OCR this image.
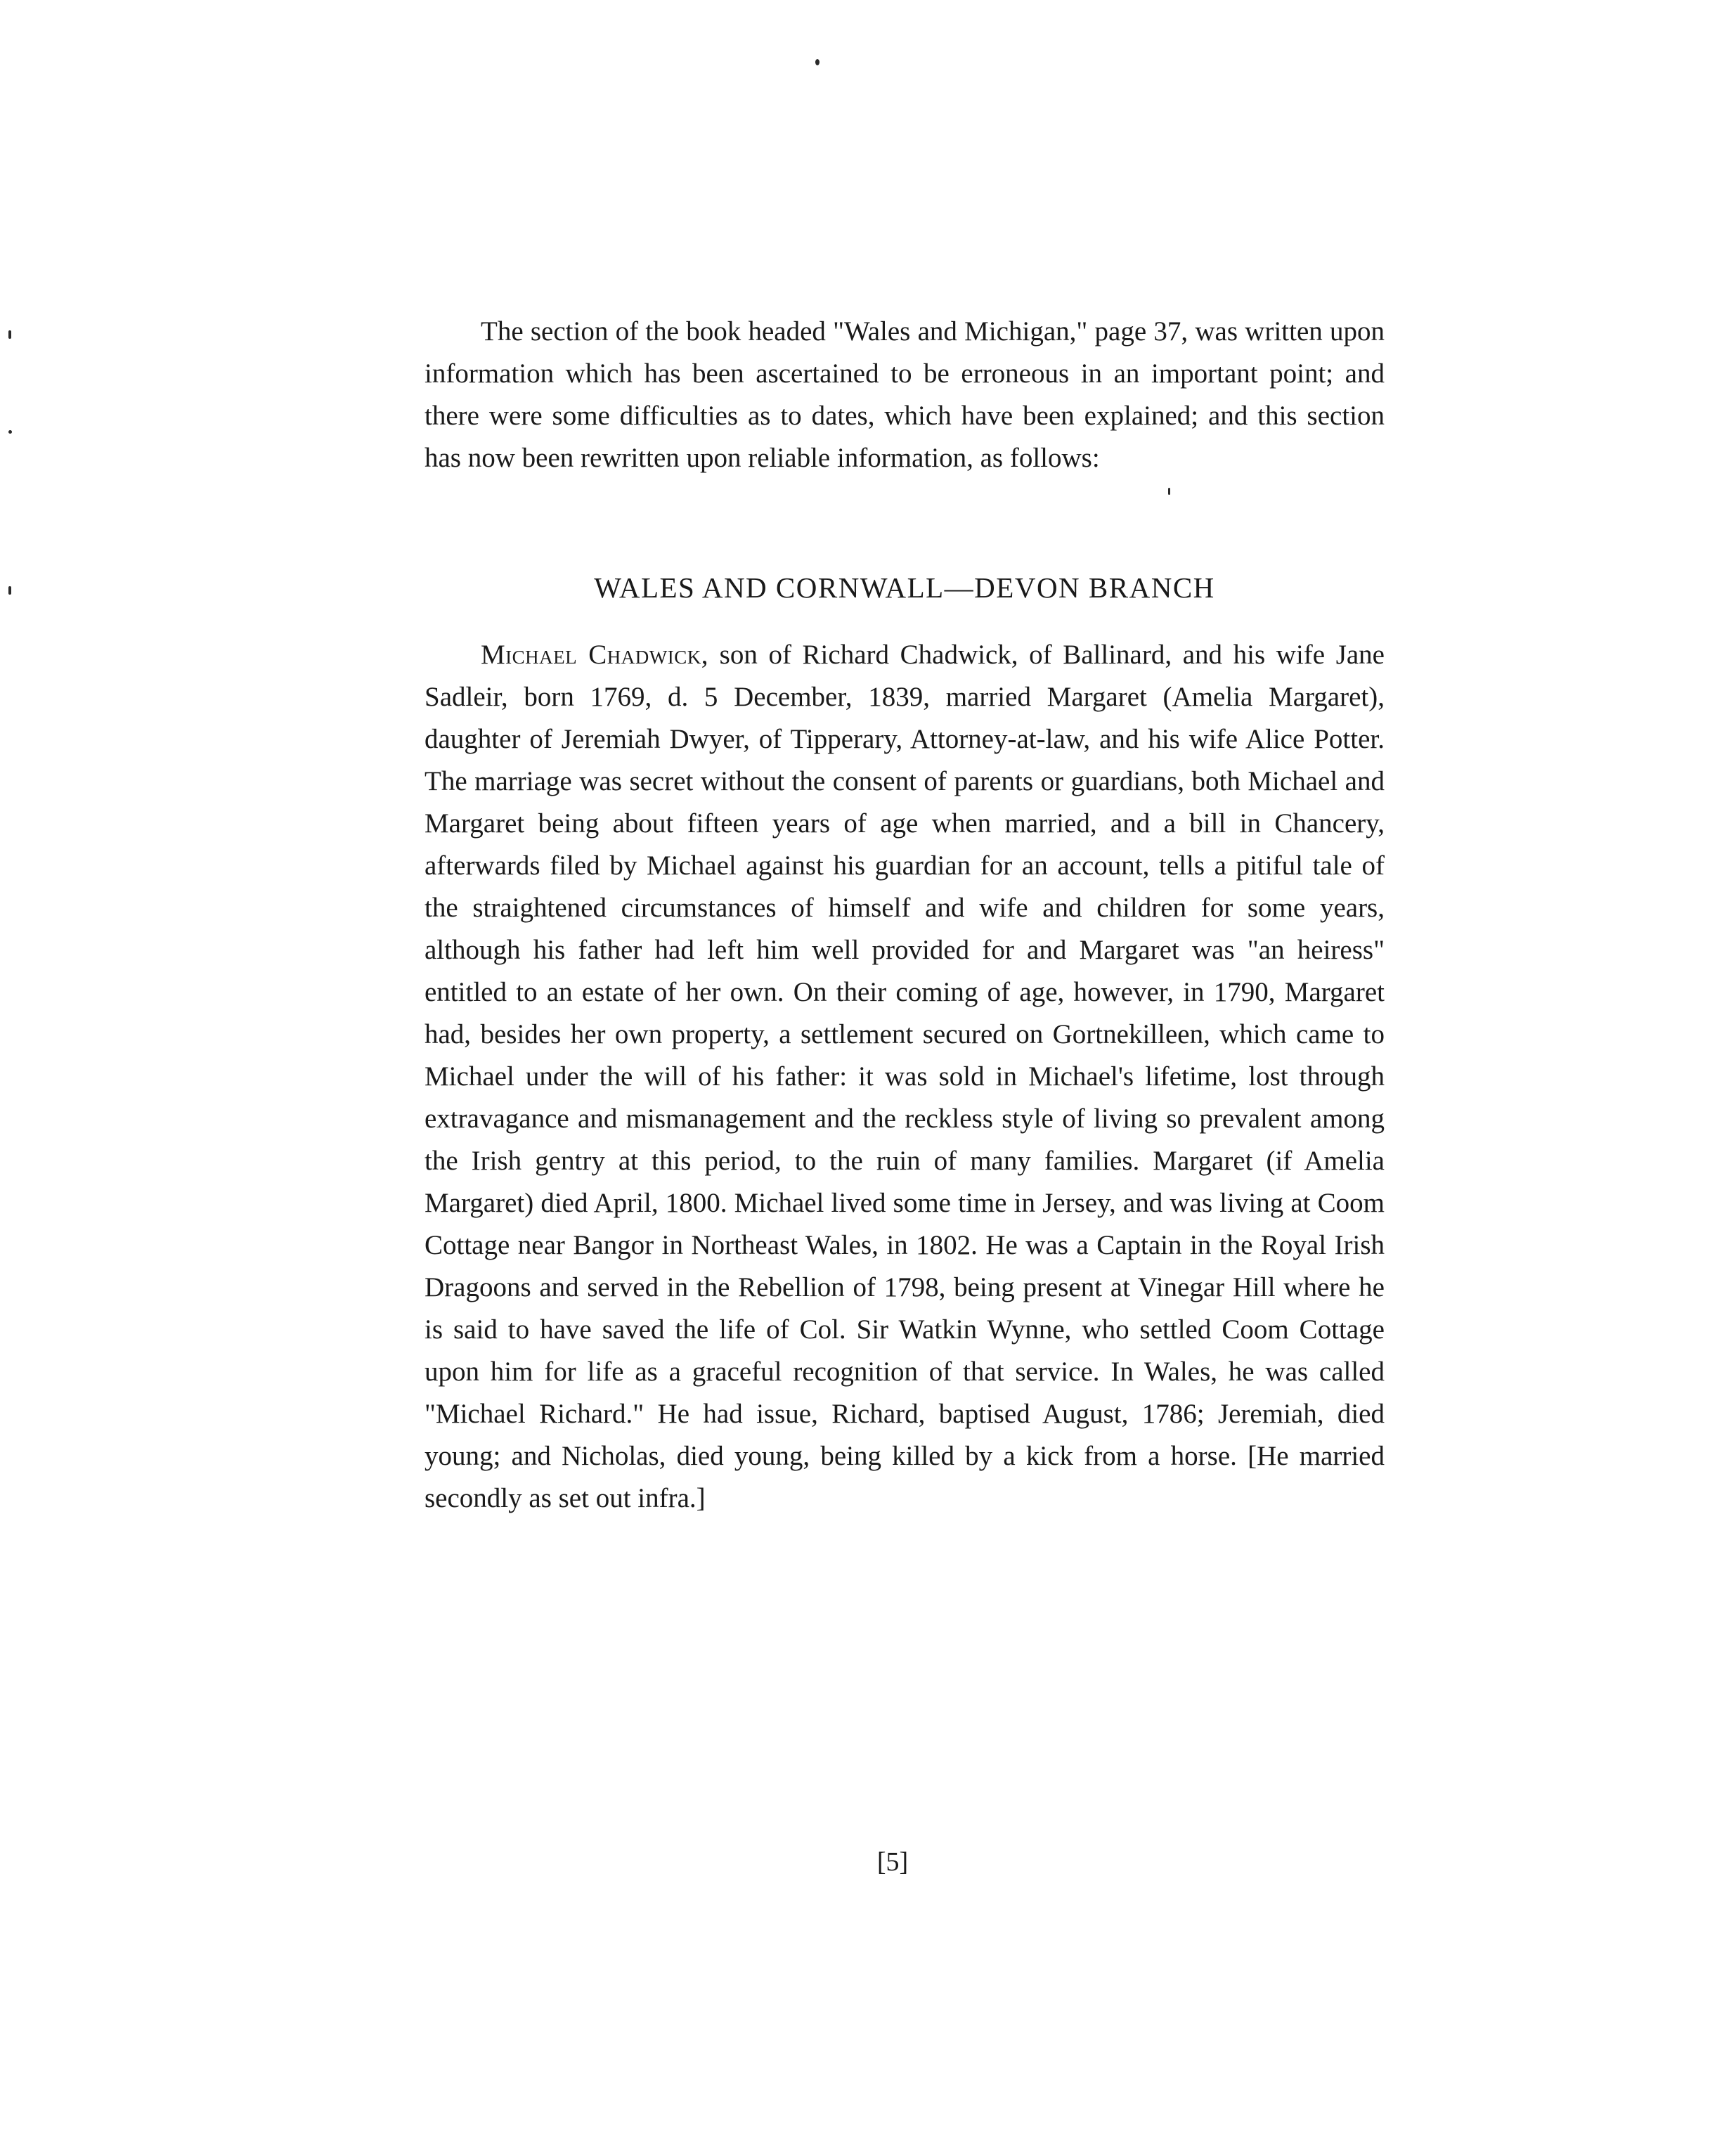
The section of the book headed "Wales and Michigan," page 37, was written upon information which has been ascertained to be erroneous in an important point; and there were some difficulties as to dates, which have been explained; and this section has now been rewritten upon reliable information, as follows:

WALES AND CORNWALL—DEVON BRANCH

Michael Chadwick, son of Richard Chadwick, of Ballinard, and his wife Jane Sadleir, born 1769, d. 5 December, 1839, married Margaret (Amelia Margaret), daughter of Jeremiah Dwyer, of Tipperary, Attorney-at-law, and his wife Alice Potter. The marriage was secret without the consent of parents or guardians, both Michael and Margaret being about fifteen years of age when married, and a bill in Chancery, afterwards filed by Michael against his guardian for an account, tells a pitiful tale of the straightened circumstances of himself and wife and children for some years, although his father had left him well provided for and Margaret was "an heiress" entitled to an estate of her own. On their coming of age, however, in 1790, Margaret had, besides her own property, a settlement secured on Gortnekilleen, which came to Michael under the will of his father: it was sold in Michael's lifetime, lost through extravagance and mismanagement and the reckless style of living so prevalent among the Irish gentry at this period, to the ruin of many families. Margaret (if Amelia Margaret) died April, 1800. Michael lived some time in Jersey, and was living at Coom Cottage near Bangor in Northeast Wales, in 1802. He was a Captain in the Royal Irish Dragoons and served in the Rebellion of 1798, being present at Vinegar Hill where he is said to have saved the life of Col. Sir Watkin Wynne, who settled Coom Cottage upon him for life as a graceful recognition of that service. In Wales, he was called "Michael Richard." He had issue, Richard, baptised August, 1786; Jeremiah, died young; and Nicholas, died young, being killed by a kick from a horse. [He married secondly as set out infra.]

[5]
